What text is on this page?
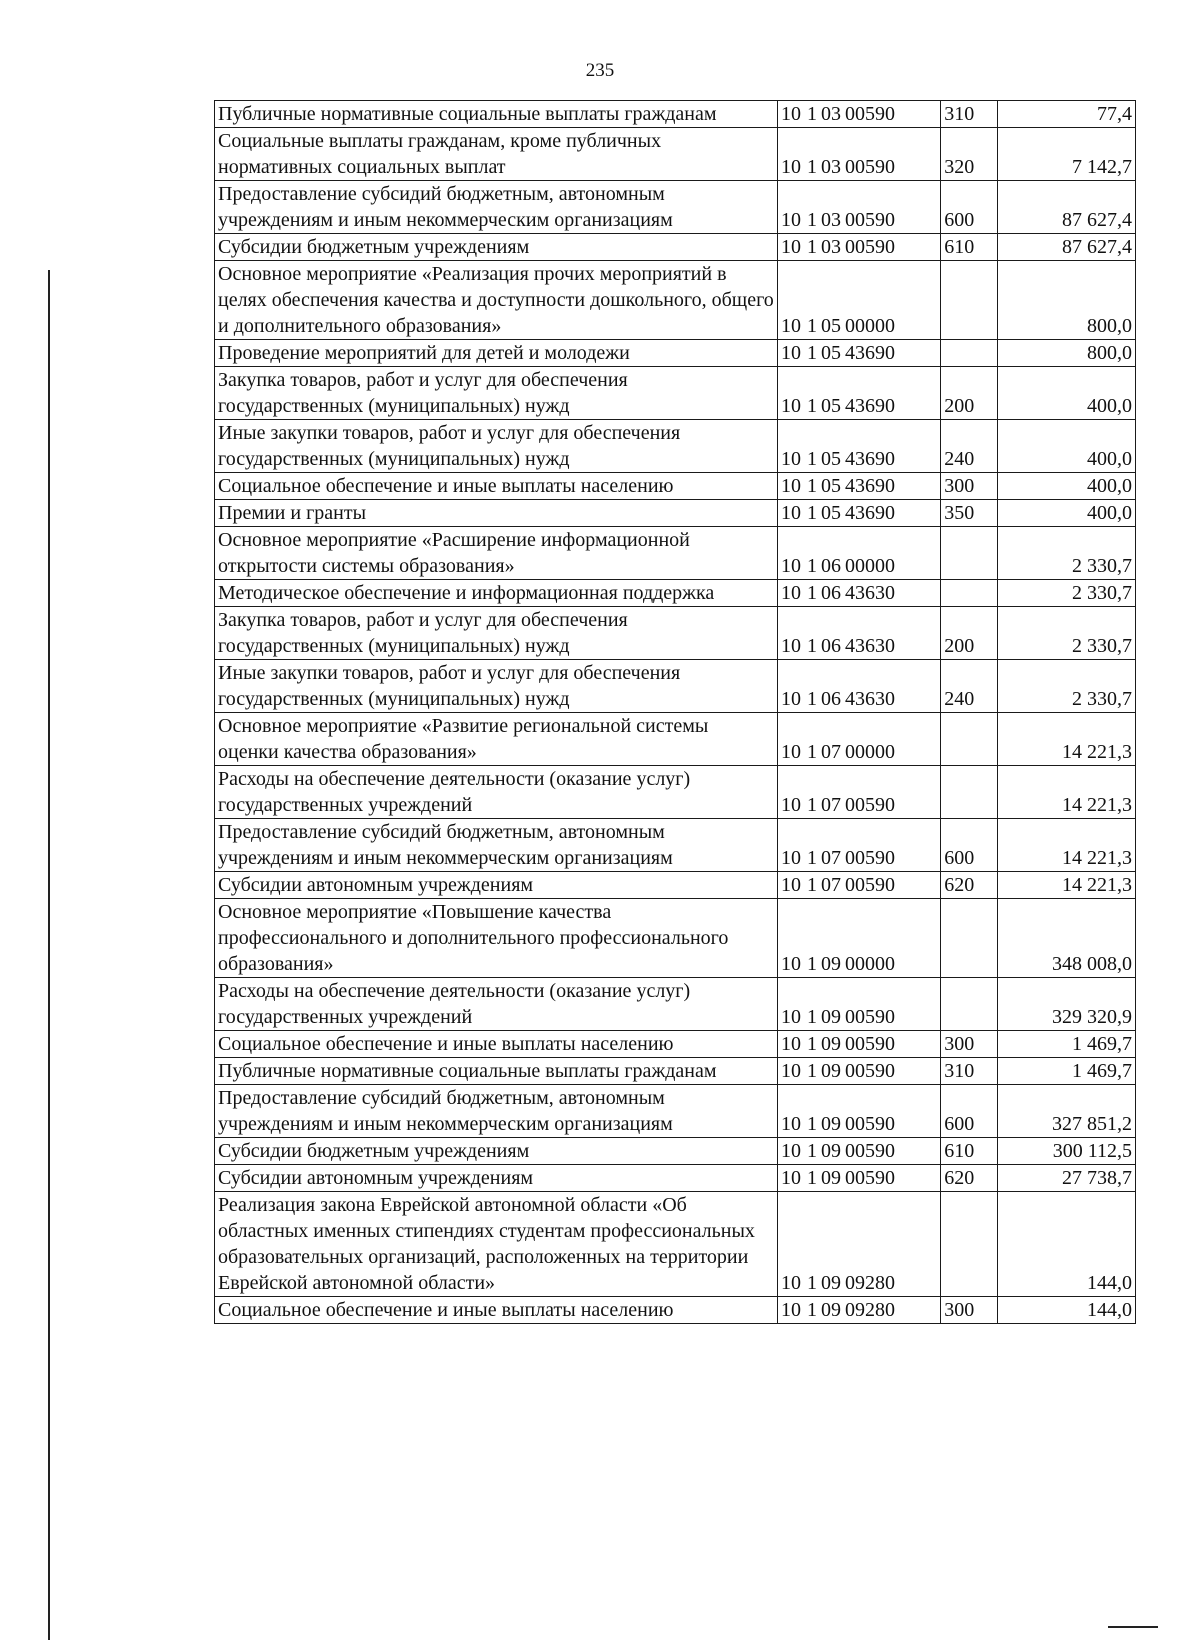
235
Публичные нормативные социальные выплаты гражданам	10 1 03 00590	310	77,4
Социальные выплаты гражданам, кроме публичных нормативных социальных выплат	10 1 03 00590	320	7 142,7
Предоставление субсидий бюджетным, автономным учреждениям и иным некоммерческим организациям	10 1 03 00590	600	87 627,4
Субсидии бюджетным учреждениям	10 1 03 00590	610	87 627,4
Основное мероприятие «Реализация прочих мероприятий в целях обеспечения качества и доступности дошкольного, общего и дополнительного образования»	10 1 05 00000		800,0
Проведение мероприятий для детей и молодежи	10 1 05 43690		800,0
Закупка товаров, работ и услуг для обеспечения государственных (муниципальных) нужд	10 1 05 43690	200	400,0
Иные закупки товаров, работ и услуг для обеспечения государственных (муниципальных) нужд	10 1 05 43690	240	400,0
Социальное обеспечение и иные выплаты населению	10 1 05 43690	300	400,0
Премии и гранты	10 1 05 43690	350	400,0
Основное мероприятие «Расширение информационной открытости системы образования»	10 1 06 00000		2 330,7
Методическое обеспечение и информационная поддержка	10 1 06 43630		2 330,7
Закупка товаров, работ и услуг для обеспечения государственных (муниципальных) нужд	10 1 06 43630	200	2 330,7
Иные закупки товаров, работ и услуг для обеспечения государственных (муниципальных) нужд	10 1 06 43630	240	2 330,7
Основное мероприятие «Развитие региональной системы оценки качества образования»	10 1 07 00000		14 221,3
Расходы на обеспечение деятельности (оказание услуг) государственных учреждений	10 1 07 00590		14 221,3
Предоставление субсидий бюджетным, автономным учреждениям и иным некоммерческим организациям	10 1 07 00590	600	14 221,3
Субсидии автономным учреждениям	10 1 07 00590	620	14 221,3
Основное мероприятие «Повышение качества профессионального и дополнительного профессионального образования»	10 1 09 00000		348 008,0
Расходы на обеспечение деятельности (оказание услуг) государственных учреждений	10 1 09 00590		329 320,9
Социальное обеспечение и иные выплаты населению	10 1 09 00590	300	1 469,7
Публичные нормативные социальные выплаты гражданам	10 1 09 00590	310	1 469,7
Предоставление субсидий бюджетным, автономным учреждениям и иным некоммерческим организациям	10 1 09 00590	600	327 851,2
Субсидии бюджетным учреждениям	10 1 09 00590	610	300 112,5
Субсидии автономным учреждениям	10 1 09 00590	620	27 738,7
Реализация закона Еврейской автономной области «Об областных именных стипендиях студентам профессиональных образовательных организаций, расположенных на территории Еврейской автономной области»	10 1 09 09280		144,0
Социальное обеспечение и иные выплаты населению	10 1 09 09280	300	144,0
